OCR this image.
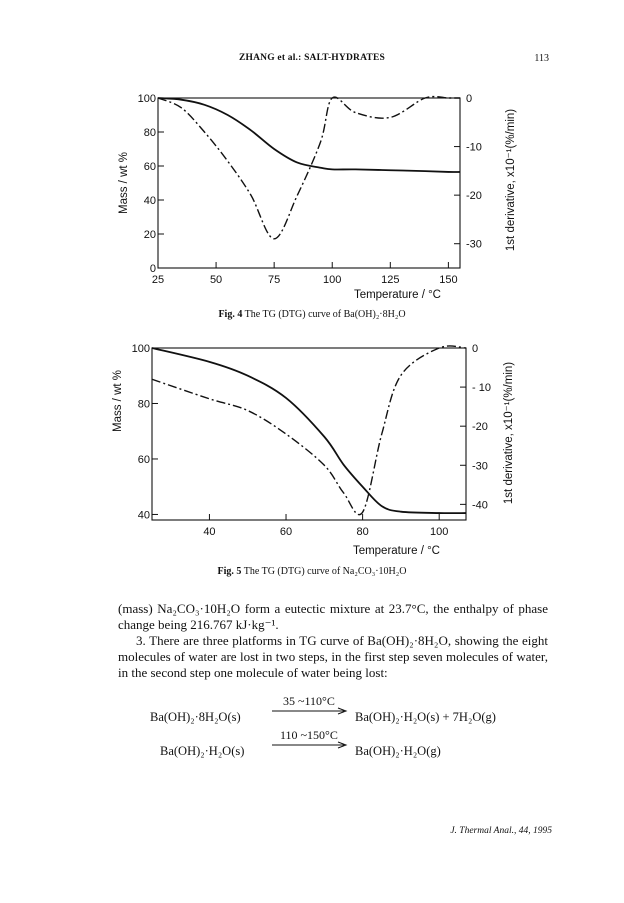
ZHANG et al.: SALT-HYDRATES	113
25	50	75	100	125	150
100
80
60
40
20
0
0
-10
-20
-30
Mass / wt %	1st derivative, x10⁻¹(%/min)
Temperature / °C
Fig. 4 The TG (DTG) curve of Ba(OH)₂·8H₂O
40	60	80	100
100
80
60
40
0
- 10
-20
-30
-40
Mass / wt %	1st derivative, x10⁻¹(%/min)
Temperature / °C
Fig. 5 The TG (DTG) curve of Na₂CO₃·10H₂O

(mass) Na₂CO₃·10H₂O form a eutectic mixture at 23.7°C, the enthalpy of phase change being 216.767 kJ·kg⁻¹.

3. There are three platforms in TG curve of Ba(OH)₂·8H₂O, showing the eight molecules of water are lost in two steps, in the first step seven molecules of water, in the second step one molecule of water being lost:

Ba(OH)₂·8H₂O(s)
35 ~110°C
Ba(OH)₂·H₂O(s) + 7H₂O(g)
Ba(OH)₂·H₂O(s)
110 ~150°C
Ba(OH)₂·H₂O(g)
J. Thermal Anal., 44, 1995
